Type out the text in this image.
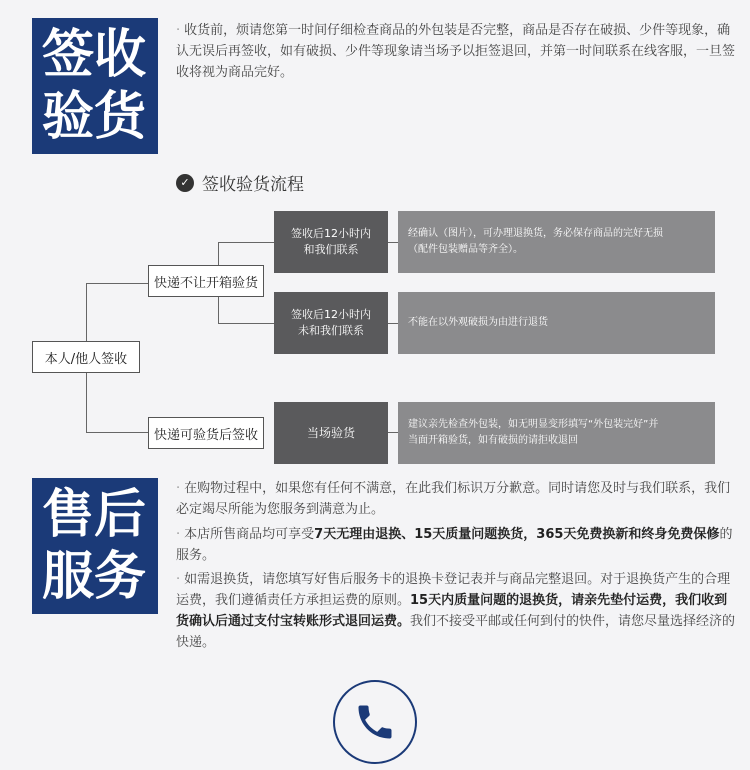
签收
验货
· 收货前，烦请您第一时间仔细检查商品的外包装是否完整，商品是否存在破损、少件等现象，确认无误后再签收，如有破损、少件等现象请当场予以拒签退回，并第一时间联系在线客服，一旦签收将视为商品完好。
✓ 签收验货流程
本人/他人签收
快递不让开箱验货
快递可验货后签收
签收后12小时内
和我们联系
签收后12小时内
未和我们联系
当场验货
经确认（图片），可办理退换货，务必保存商品的完好无损
（配件包装赠品等齐全）。
不能在以外观破损为由进行退货
建议亲先检查外包装，如无明显变形填写“外包装完好”并
当面开箱验货，如有破损的请拒收退回
售后
服务
· 在购物过程中，如果您有任何不满意，在此我们标识万分歉意。同时请您及时与我们联系，我们必定竭尽所能为您服务到满意为止。
· 本店所售商品均可享受7天无理由退换、15天质量问题换货，365天免费换新和终身免费保修的服务。
· 如需退换货，请您填写好售后服务卡的退换卡登记表并与商品完整退回。对于退换货产生的合理运费，我们遵循责任方承担运费的原则。15天内质量问题的退换货，请亲先垫付运费，我们收到货确认后通过支付宝转账形式退回运费。我们不接受平邮或任何到付的快件，请您尽量选择经济的快递。
